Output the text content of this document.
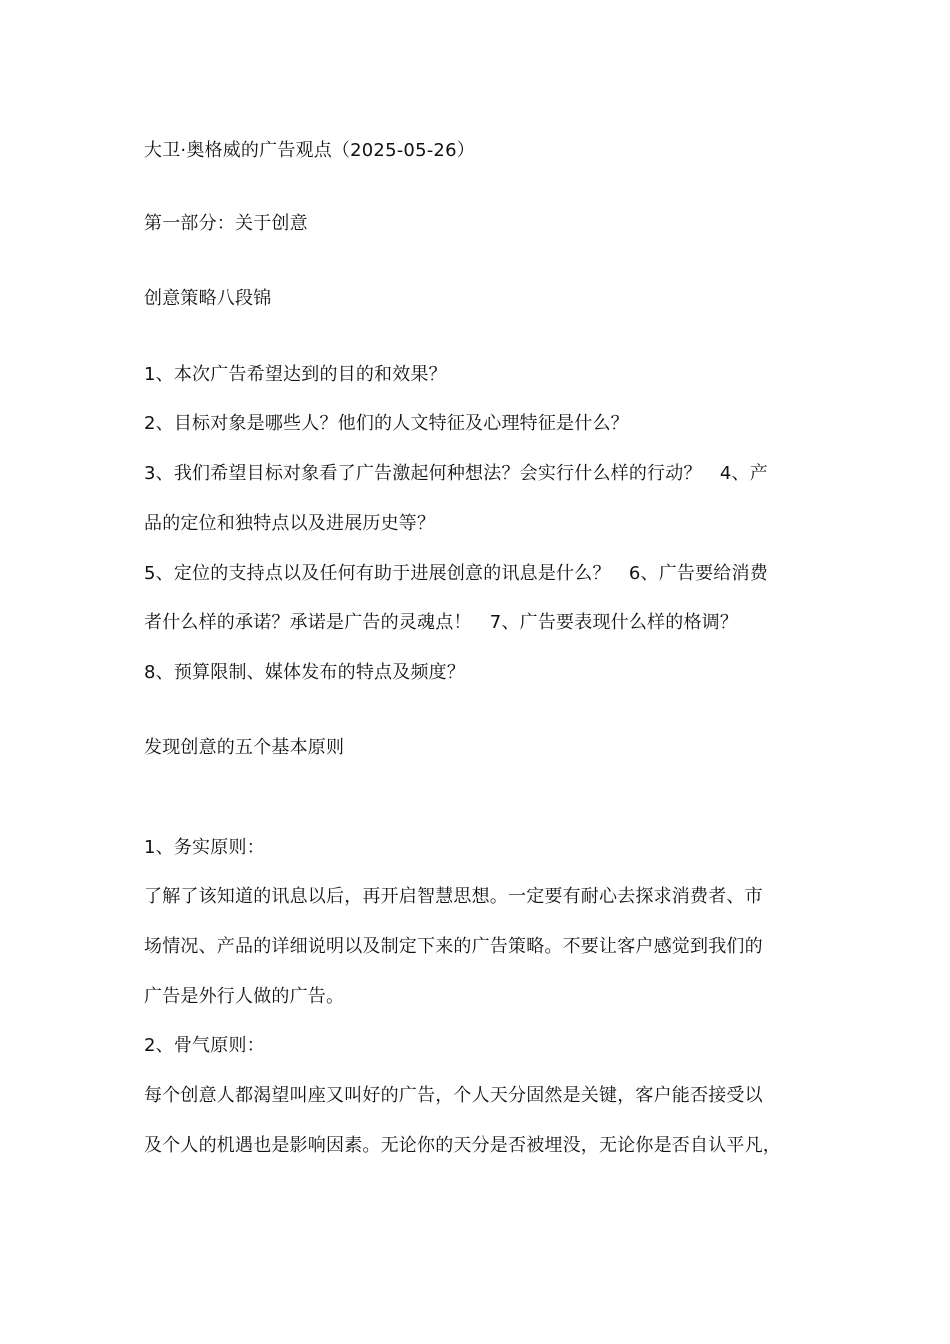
大卫·奥格威的广告观点（2025-05-26）
第一部分：关于创意
创意策略八段锦
1、本次广告希望达到的目的和效果？
2、目标对象是哪些人？他们的人文特征及心理特征是什么？
3、我们希望目标对象看了广告激起何种想法？会实行什么样的行动？　4、产
品的定位和独特点以及进展历史等？
5、定位的支持点以及任何有助于进展创意的讯息是什么？　6、广告要给消费
者什么样的承诺？承诺是广告的灵魂点！　7、广告要表现什么样的格调？
8、预算限制、媒体发布的特点及频度？
发现创意的五个基本原则
1、务实原则：
了解了该知道的讯息以后，再开启智慧思想。一定要有耐心去探求消费者、市
场情况、产品的详细说明以及制定下来的广告策略。不要让客户感觉到我们的
广告是外行人做的广告。
2、骨气原则：
每个创意人都渴望叫座又叫好的广告，个人天分固然是关键，客户能否接受以
及个人的机遇也是影响因素。无论你的天分是否被埋没，无论你是否自认平凡，
